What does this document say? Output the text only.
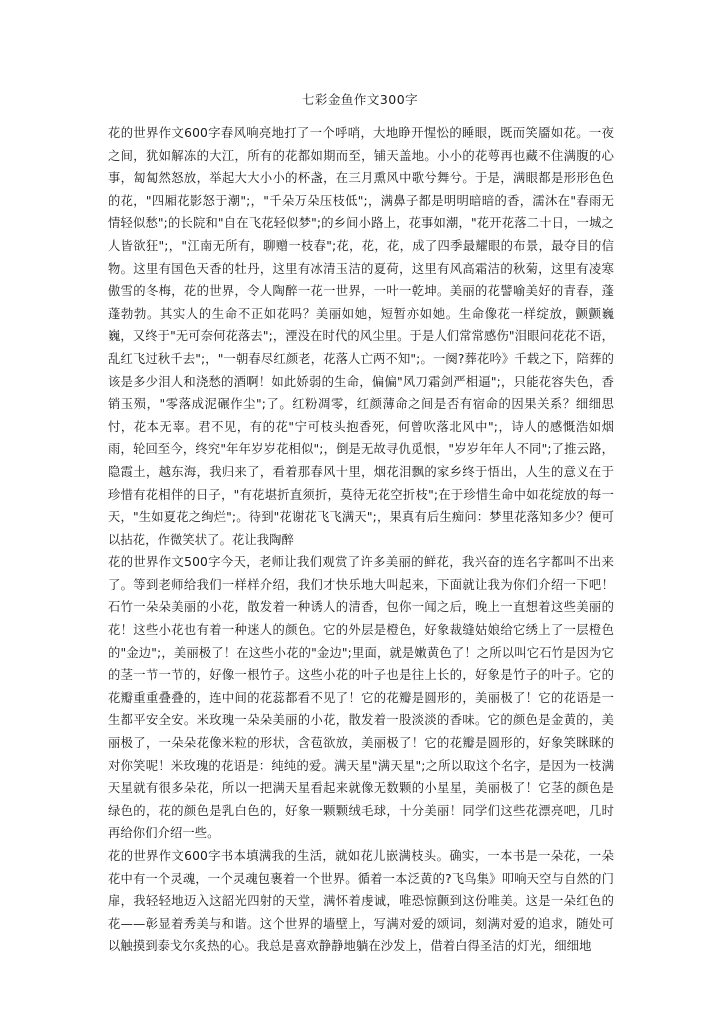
七彩金鱼作文300字

花的世界作文600字春风响亮地打了一个呼哨，大地睁开惺忪的睡眼，既而笑靥如花。一夜之间，犹如解冻的大江，所有的花都如期而至，铺天盖地。小小的花萼再也藏不住满腹的心事，匐匐然怒放，举起大大小小的杯盏，在三月熏风中歌兮舞兮。于是，满眼都是形形色色的花，"四厢花影怒于潮";，"千朵万朵压枝低";，满鼻子都是明明暗暗的香，濡沐在"春雨无情轻似愁";的长院和"自在飞花轻似梦";的乡间小路上，花事如潮，"花开花落二十日，一城之人皆欲狂";，"江南无所有，聊赠一枝春";花，花，花，成了四季最耀眼的布景，最夺目的信物。这里有国色天香的牡丹，这里有冰清玉洁的夏荷，这里有风高霜洁的秋菊，这里有凌寒傲雪的冬梅，花的世界，令人陶醉一花一世界，一叶一乾坤。美丽的花譬喻美好的青春，蓬蓬勃勃。其实人的生命不正如花吗？美丽如她，短暂亦如她。生命像花一样绽放，颤颤巍巍，又终于"无可奈何花落去";，湮没在时代的风尘里。于是人们常常感伤"泪眼问花花不语，乱红飞过秋千去";，"一朝春尽红颜老，花落人亡两不知";。一阕?葬花吟》千载之下，陪葬的该是多少泪人和浇愁的酒啊！如此娇弱的生命，偏偏"风刀霜剑严相逼";，只能花容失色，香销玉殒，"零落成泥碾作尘";了。红粉凋零，红颜薄命之间是否有宿命的因果关系？细细思忖，花本无辜。君不见，有的花"宁可枝头抱香死，何曾吹落北风中";，诗人的感慨浩如烟雨，轮回至今，终究"年年岁岁花相似";，倒是无故寻仇觅恨，"岁岁年年人不同";了推云路，隐霞土，越东海，我归来了，看着那春风十里，烟花泪飘的家乡终于悟出，人生的意义在于珍惜有花相伴的日子，"有花堪折直须折，莫待无花空折枝";在于珍惜生命中如花绽放的每一天，"生如夏花之绚烂";。待到"花谢花飞飞满天";，果真有后生痴问：梦里花落知多少？便可以拈花，作微笑状了。花让我陶醉

花的世界作文500字今天，老师让我们观赏了许多美丽的鲜花，我兴奋的连名字都叫不出来了。等到老师给我们一样样介绍，我们才快乐地大叫起来，下面就让我为你们介绍一下吧！石竹一朵朵美丽的小花，散发着一种诱人的清香，包你一闻之后，晚上一直想着这些美丽的花！这些小花也有着一种迷人的颜色。它的外层是橙色，好象裁缝姑娘给它绣上了一层橙色的"金边";，美丽极了！在这些小花的"金边";里面，就是嫩黄色了！之所以叫它石竹是因为它的茎一节一节的，好像一根竹子。这些小花的叶子也是往上长的，好象是竹子的叶子。它的花瓣重重叠叠的，连中间的花蕊都看不见了！它的花瓣是圆形的，美丽极了！它的花语是一生都平安全安。米玫瑰一朵朵美丽的小花，散发着一股淡淡的香味。它的颜色是金黄的，美丽极了，一朵朵花像米粒的形状，含苞欲放，美丽极了！它的花瓣是圆形的，好象笑眯眯的对你笑呢！米玫瑰的花语是：纯纯的爱。满天星"满天星";之所以取这个名字，是因为一枝满天星就有很多朵花，所以一把满天星看起来就像无数颗的小星星，美丽极了！它茎的颜色是绿色的，花的颜色是乳白色的，好象一颗颗绒毛球，十分美丽！同学们这些花漂亮吧，几时再给你们介绍一些。

花的世界作文600字书本填满我的生活，就如花儿嵌满枝头。确实，一本书是一朵花，一朵花中有一个灵魂，一个灵魂包裹着一个世界。循着一本泛黄的?飞鸟集》叩响天空与自然的门扉，我轻轻地迈入这韶光四射的天堂，满怀着虔诚，唯恐惊颤到这份唯美。这是一朵红色的花——彰显着秀美与和谐。这个世界的墙壁上，写满对爱的颂词，刻满对爱的追求，随处可以触摸到泰戈尔炙热的心。我总是喜欢静静地躺在沙发上，借着白得圣洁的灯光，细细地
